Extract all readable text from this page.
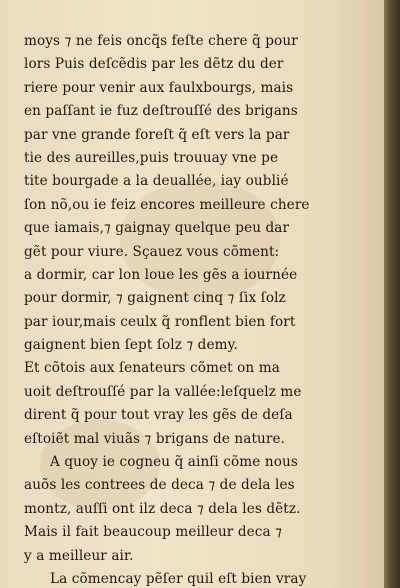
moys ⁊ ne feis oncq̃s feſte chere q̃ pour
lors Puis deſcẽdis par les dẽtz du der
riere pour venir aux faulxbourgs, mais
en paſſant ie fuz deſtrouſſé des brigans
par vne grande foreſt q̃ eſt vers la par
tie des aureilles,puis trouuay vne pe
tite bourgade a la deuallée, iay oublié
ſon nõ,ou ie feiz encores meilleure chere
que iamais,⁊ gaignay quelque peu dar
gẽt pour viure. Sçauez vous cõment:
a dormir, car lon loue les gẽs a iournée
pour dormir, ⁊ gaignent cinq ⁊ ſix ſolz
par iour,mais ceulx q̃ ronflent bien fort
gaignent bien ſept ſolz ⁊ demy.
Et cõtois aux ſenateurs cõmet on ma
uoit deſtrouſſé par la vallée:leſquelz me
dirent q̃ pour tout vray les gẽs de deſa
eſtoiẽt mal viuãs ⁊ brigans de nature.
A quoy ie cogneu q̃ ainſi cõme nous
auõs les contrees de deca ⁊ de dela les
montz, auſſi ont ilz deca ⁊ dela les dẽtz.
Mais il fait beaucoup meilleur deca ⁊
y a meilleur air.
La cõmencay pẽſer quil eſt bien vray
